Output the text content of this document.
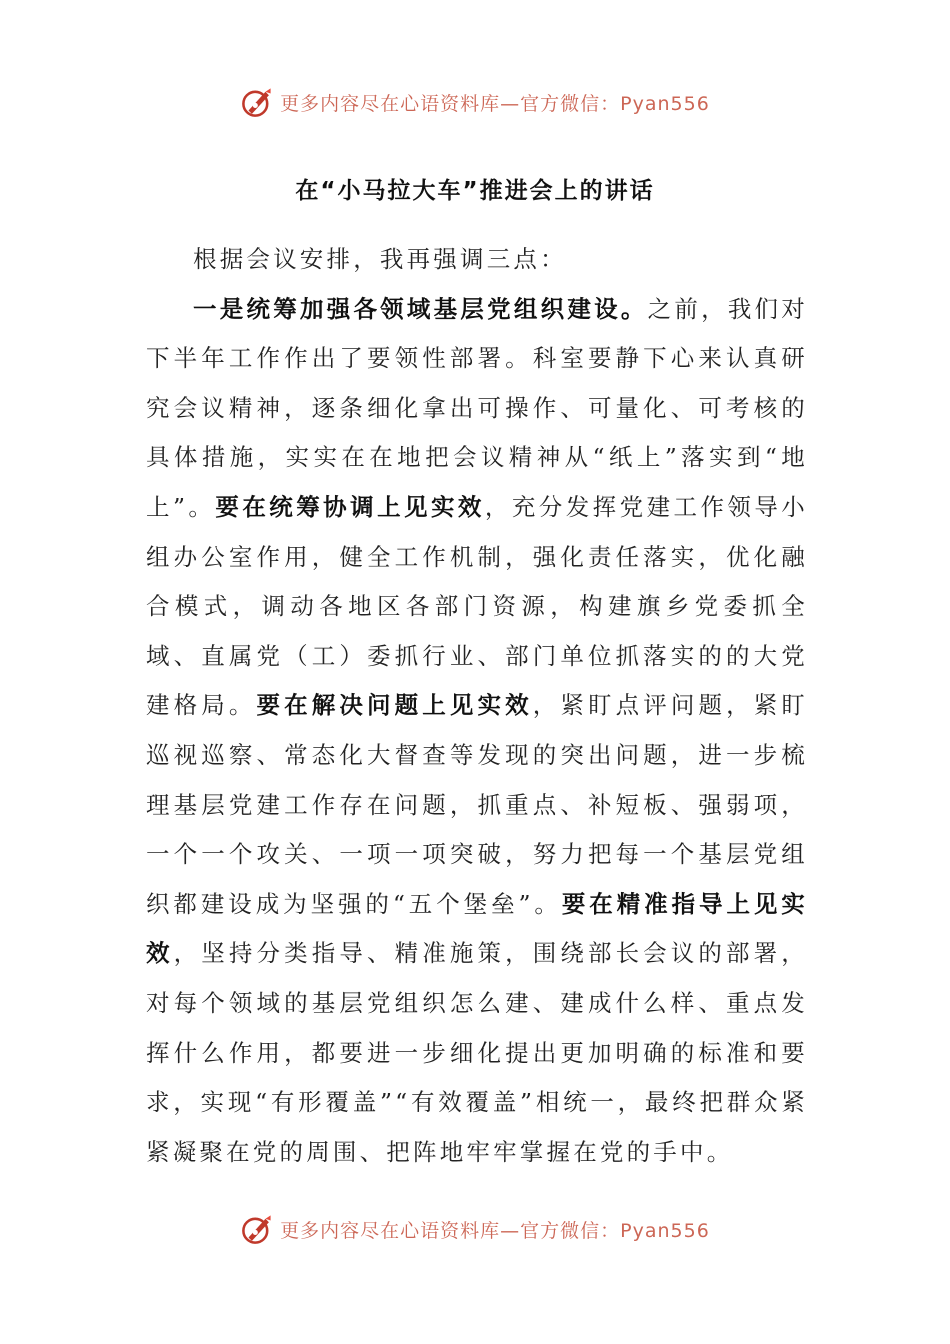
更多内容尽在心语资料库—官方微信：Pyan556
在“小马拉大车”推进会上的讲话

根据会议安排，我再强调三点：

一是统筹加强各领域基层党组织建设。之前，我们对下半年工作作出了要领性部署。科室要静下心来认真研究会议精神，逐条细化拿出可操作、可量化、可考核的具体措施，实实在在地把会议精神从“纸上”落实到“地上”。要在统筹协调上见实效，充分发挥党建工作领导小组办公室作用，健全工作机制，强化责任落实，优化融合模式，调动各地区各部门资源，构建旗乡党委抓全域、直属党（工）委抓行业、部门单位抓落实的的大党建格局。要在解决问题上见实效，紧盯点评问题，紧盯巡视巡察、常态化大督查等发现的突出问题，进一步梳理基层党建工作存在问题，抓重点、补短板、强弱项，一个一个攻关、一项一项突破，努力把每一个基层党组织都建设成为坚强的“五个堡垒”。要在精准指导上见实效，坚持分类指导、精准施策，围绕部长会议的部署，对每个领域的基层党组织怎么建、建成什么样、重点发挥什么作用，都要进一步细化提出更加明确的标准和要求，实现“有形覆盖”“有效覆盖”相统一，最终把群众紧紧凝聚在党的周围、把阵地牢牢掌握在党的手中。

更多内容尽在心语资料库—官方微信：Pyan556
